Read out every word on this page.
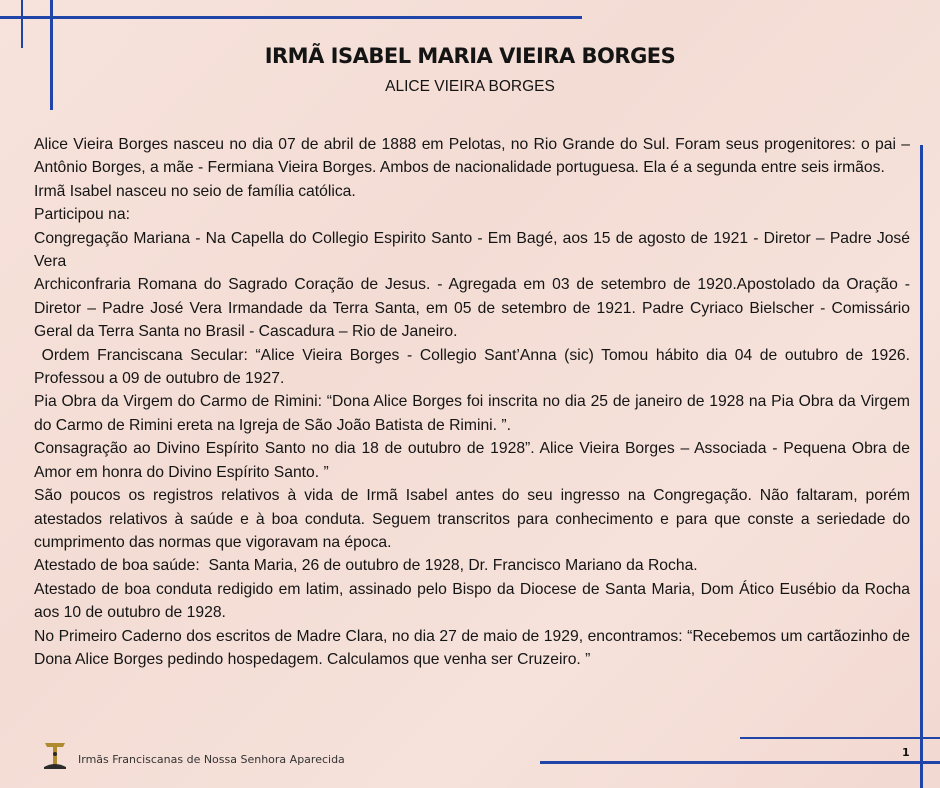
IRMÃ ISABEL MARIA VIEIRA BORGES
ALICE VIEIRA BORGES

Alice Vieira Borges nasceu no dia 07 de abril de 1888 em Pelotas, no Rio Grande do Sul. Foram seus progenitores: o pai – Antônio Borges, a mãe - Fermiana Vieira Borges. Ambos de nacionalidade portuguesa. Ela é a segunda entre seis irmãos.

Irmã Isabel nasceu no seio de família católica.

Participou na:

Congregação Mariana - Na Capella do Collegio Espirito Santo - Em Bagé, aos 15 de agosto de 1921 - Diretor – Padre José Vera

Archiconfraria Romana do Sagrado Coração de Jesus. - Agregada em 03 de setembro de 1920.Apostolado da Oração - Diretor – Padre José Vera Irmandade da Terra Santa, em 05 de setembro de 1921. Padre Cyriaco Bielscher - Comissário Geral da Terra Santa no Brasil - Cascadura – Rio de Janeiro.

Ordem Franciscana Secular: “Alice Vieira Borges - Collegio Sant’Anna (sic) Tomou hábito dia 04 de outubro de 1926.  Professou a 09 de outubro de 1927.

Pia Obra da Virgem do Carmo de Rimini: “Dona Alice Borges foi inscrita no dia 25 de janeiro de 1928 na Pia Obra da Virgem do Carmo de Rimini ereta na Igreja de São João Batista de Rimini. ”.

Consagração ao Divino Espírito Santo no dia 18 de outubro de 1928”. Alice Vieira Borges – Associada - Pequena Obra de Amor em honra do Divino Espírito Santo. ”

São poucos os registros relativos à vida de Irmã Isabel antes do seu ingresso na Congregação. Não faltaram, porém atestados relativos à saúde e à boa conduta. Seguem transcritos para conhecimento e para que conste a seriedade do cumprimento das normas que vigoravam na época.

Atestado de boa saúde:  Santa Maria, 26 de outubro de 1928, Dr. Francisco Mariano da Rocha.

Atestado de boa conduta redigido em latim, assinado pelo Bispo da Diocese de Santa Maria, Dom Ático Eusébio da Rocha aos 10 de outubro de 1928.

No Primeiro Caderno dos escritos de Madre Clara, no dia 27 de maio de 1929, encontramos: “Recebemos um cartãozinho de Dona Alice Borges pedindo hospedagem. Calculamos que venha ser Cruzeiro. ”

Irmãs Franciscanas de Nossa Senhora Aparecida
1
